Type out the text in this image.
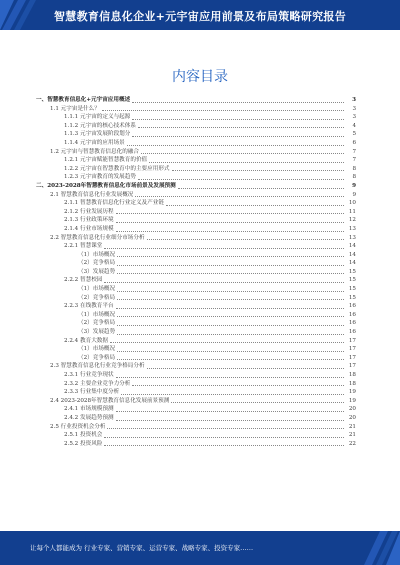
智慧教育信息化企业+元宇宙应用前景及布局策略研究报告
内容目录
一、智慧教育信息化+元宇宙应用概述	3
1.1 元宇宙是什么？	3
1.1.1 元宇宙的定义与起源	3
1.1.2 元宇宙的核心技术体系	4
1.1.3 元宇宙发展阶段划分	5
1.1.4 元宇宙的应用场景	6
1.2 元宇宙与智慧教育信息化的融合	7
1.2.1 元宇宙赋能智慧教育的价值	7
1.2.2 元宇宙在智慧教育中的主要应用形式	8
1.2.3 元宇宙教育的发展趋势	8
二、2023-2028年智慧教育信息化市场前景及发展预测	9
2.1 智慧教育信息化行业发展概况	9
2.1.1 智慧教育信息化行业定义及产业链	10
2.1.2 行业发展历程	11
2.1.3 行业政策环境	12
2.1.4 行业市场规模	13
2.2 智慧教育信息化行业细分市场分析	13
2.2.1 智慧课堂	14
（1）市场概况	14
（2）竞争格局	14
（3）发展趋势	15
2.2.2 智慧校园	15
（1）市场概况	15
（2）竞争格局	15
2.2.3 在线教育平台	16
（1）市场概况	16
（2）竞争格局	16
（3）发展趋势	16
2.2.4 教育大数据	17
（1）市场概况	17
（2）竞争格局	17
2.3 智慧教育信息化行业竞争格局分析	17
2.3.1 行业竞争现状	18
2.3.2 主要企业竞争力分析	18
2.3.3 行业集中度分析	19
2.4 2023-2028年智慧教育信息化发展前景预测	19
2.4.1 市场规模预测	20
2.4.2 发展趋势预测	20
2.5 行业投资机会分析	21
2.5.1 投资机会	21
2.5.2 投资风险	22
让每个人都能成为 行业专家、营销专家、运营专家、战略专家、投资专家……
